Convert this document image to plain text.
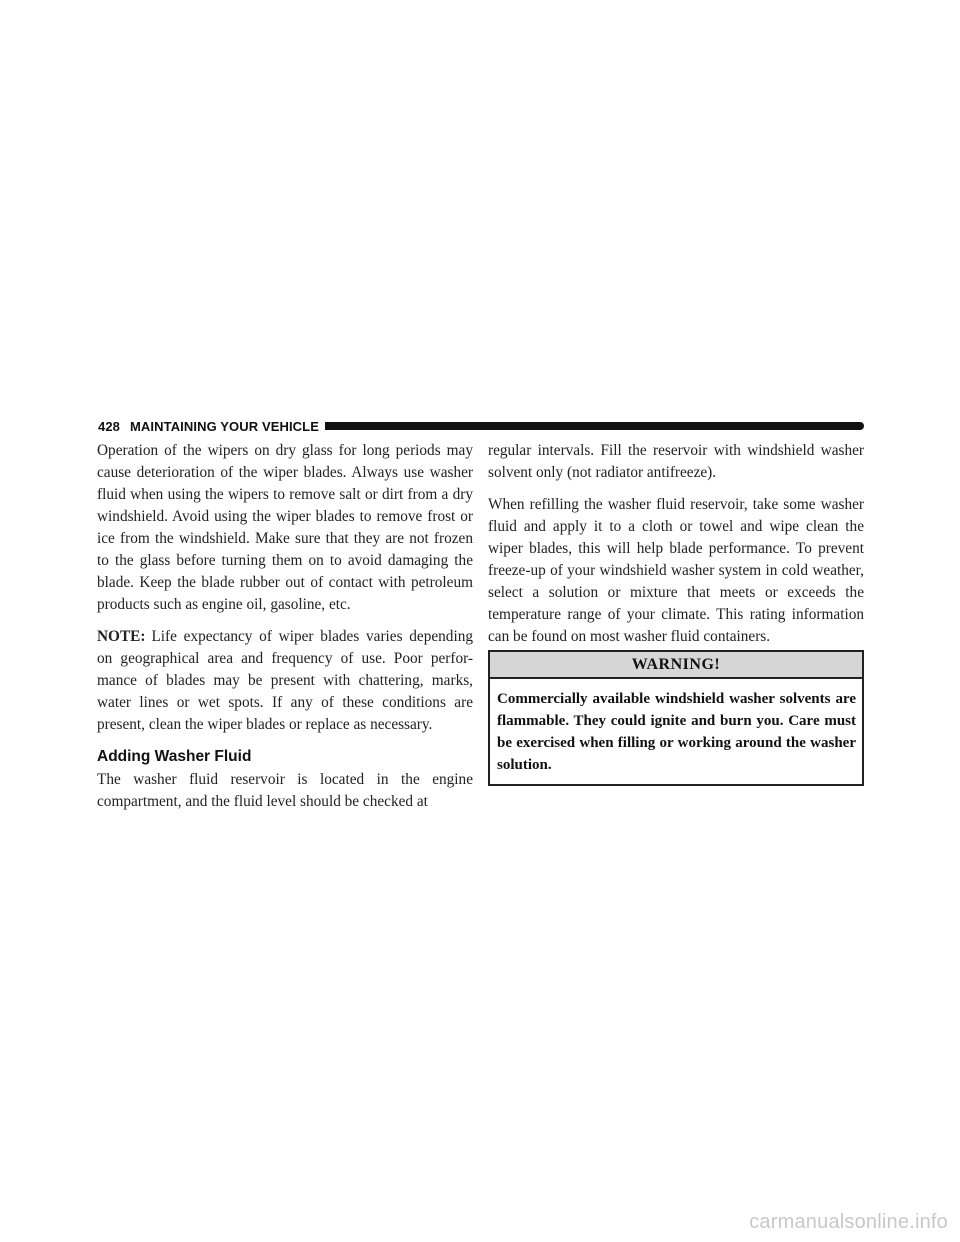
428 MAINTAINING YOUR VEHICLE

Operation of the wipers on dry glass for long periods may cause deterioration of the wiper blades. Always use washer fluid when using the wipers to remove salt or dirt from a dry windshield. Avoid using the wiper blades to remove frost or ice from the windshield. Make sure that they are not frozen to the glass before turning them on to avoid damaging the blade. Keep the blade rubber out of contact with petroleum products such as engine oil, gasoline, etc.

NOTE: Life expectancy of wiper blades varies depending on geographical area and frequency of use. Poor perfor-mance of blades may be present with chattering, marks, water lines or wet spots. If any of these conditions are present, clean the wiper blades or replace as necessary.

Adding Washer Fluid

The washer fluid reservoir is located in the engine compartment, and the fluid level should be checked at

regular intervals. Fill the reservoir with windshield washer solvent only (not radiator antifreeze).

When refilling the washer fluid reservoir, take some washer fluid and apply it to a cloth or towel and wipe clean the wiper blades, this will help blade performance. To prevent freeze-up of your windshield washer system in cold weather, select a solution or mixture that meets or exceeds the temperature range of your climate. This rating information can be found on most washer fluid containers.

WARNING!
Commercially available windshield washer solvents are flammable. They could ignite and burn you. Care must be exercised when filling or working around the washer solution.
carmanualsonline.info
